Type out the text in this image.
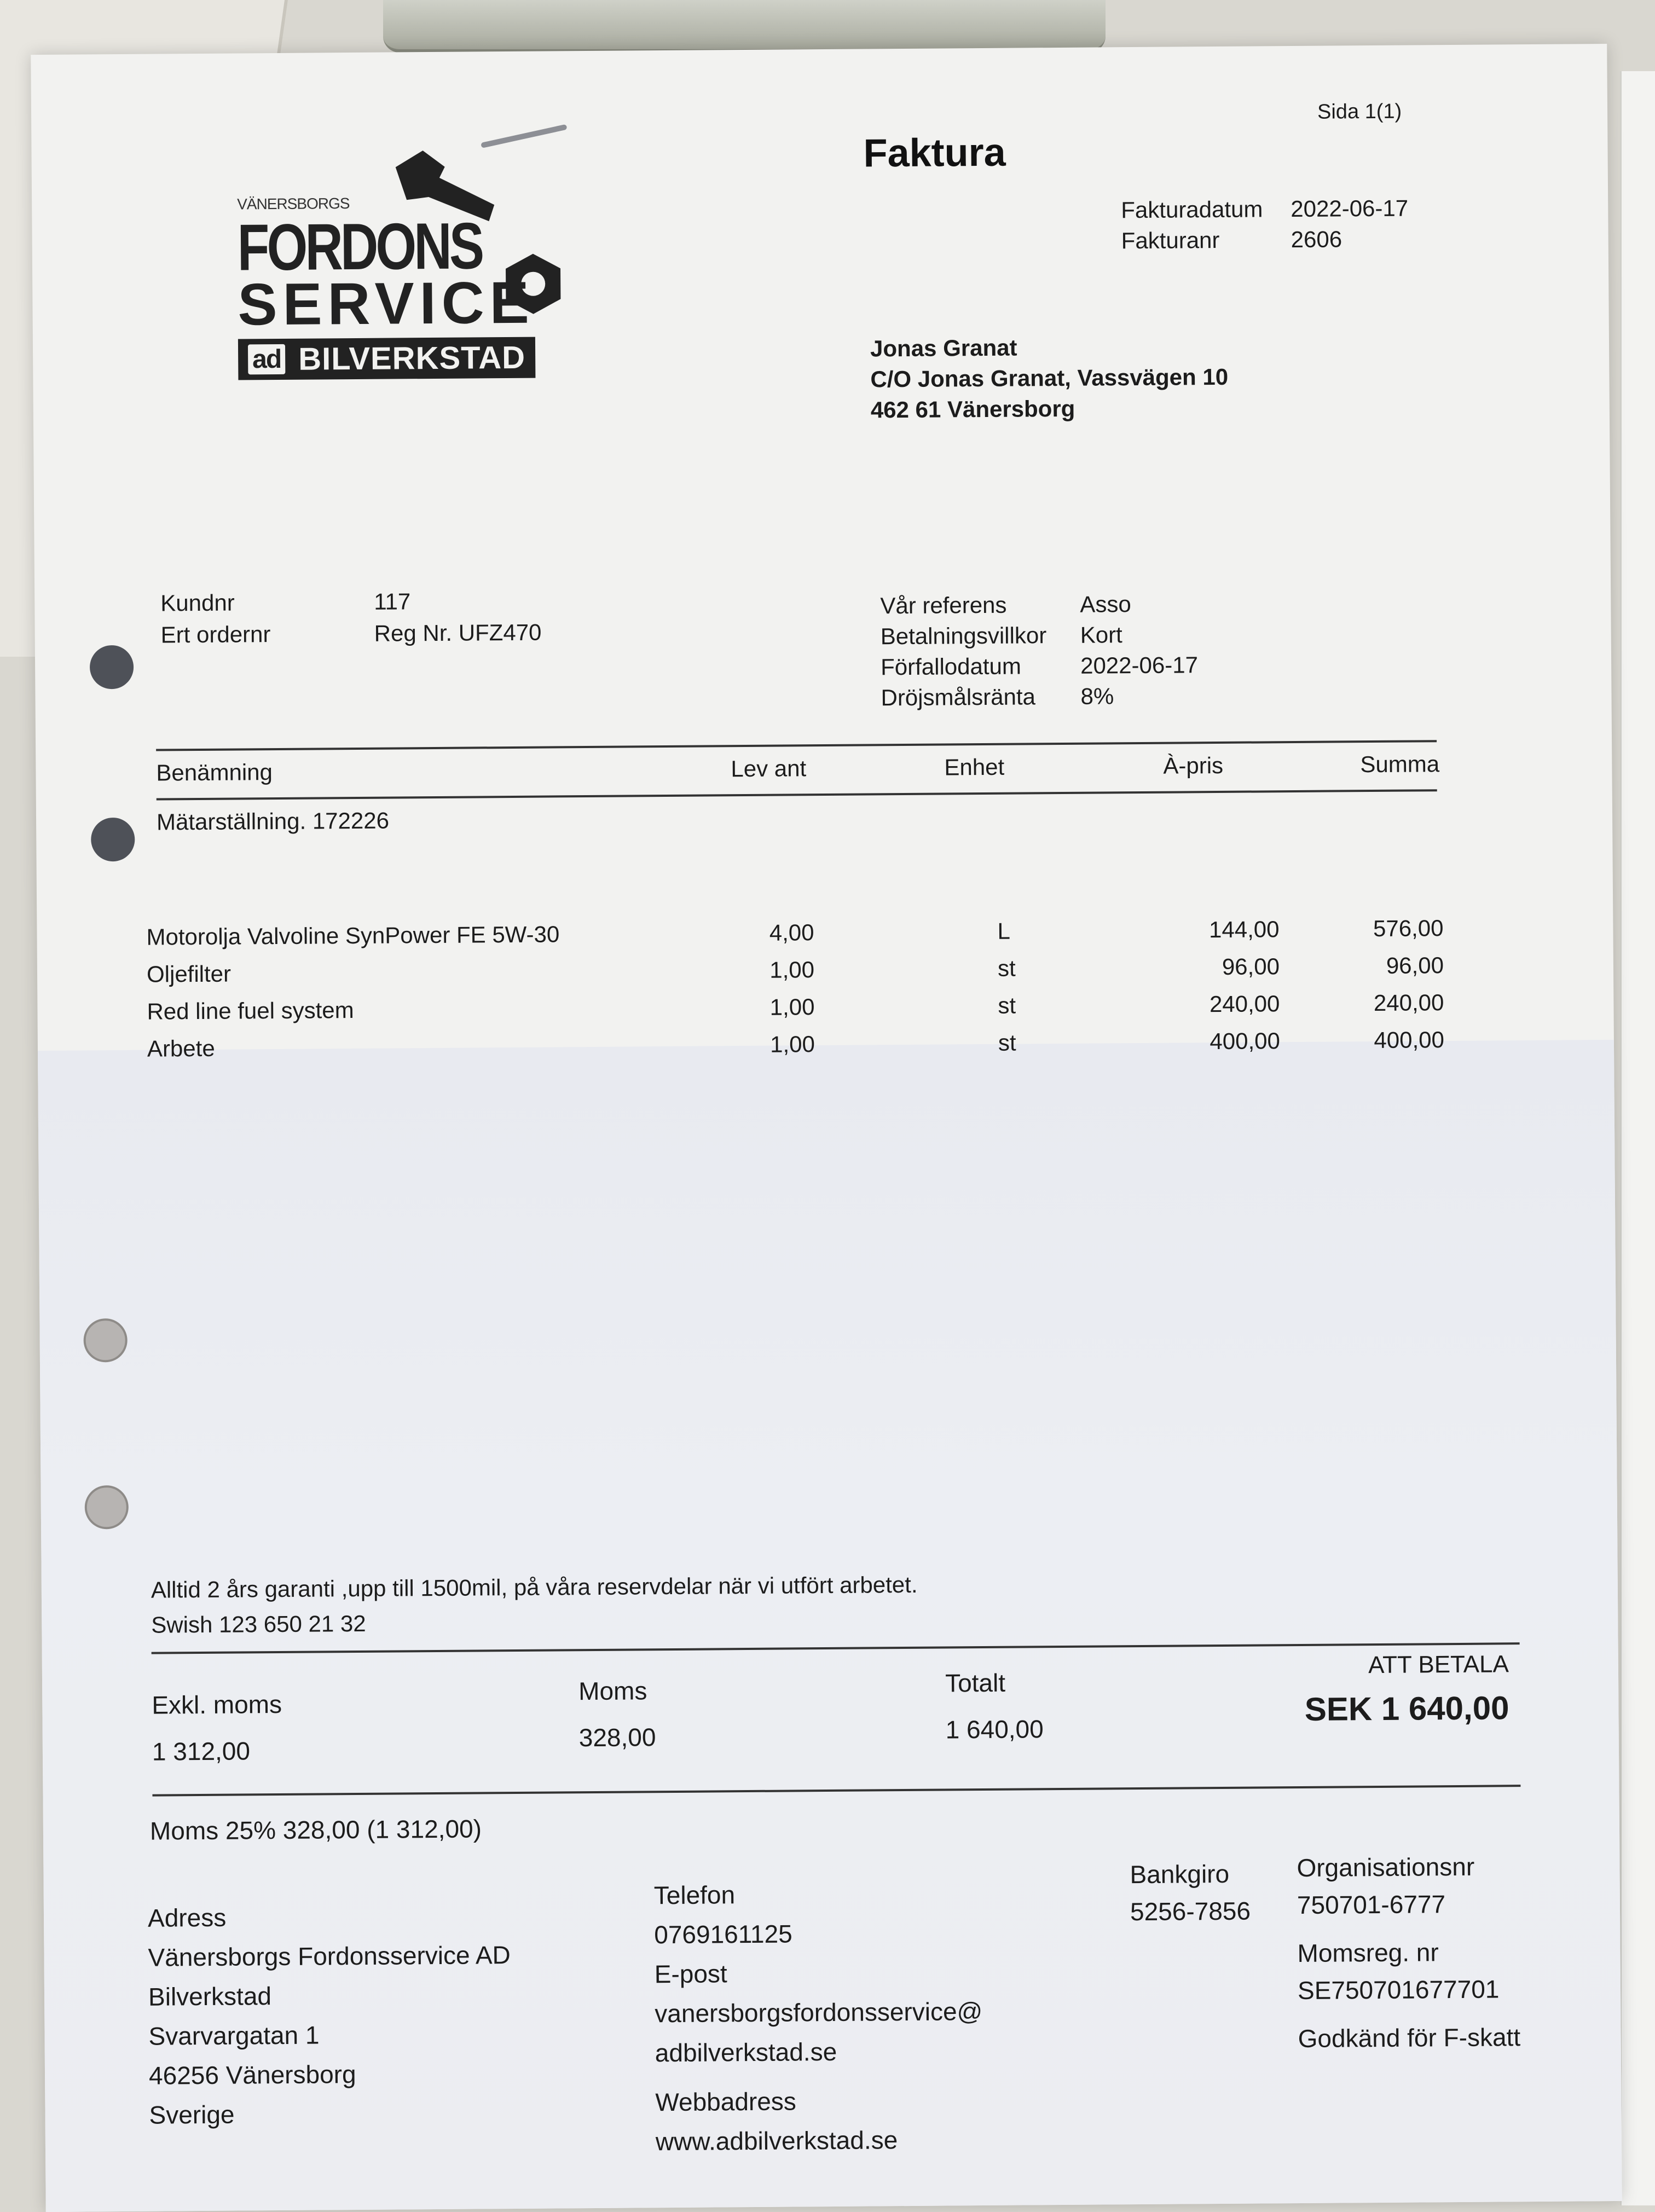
Sida 1(1)
VÄNERSBORGS
FORDONS
SERVICE
ad BILVERKSTAD
Faktura
Fakturadatum	2022-06-17
Fakturanr	2606
Jonas Granat
C/O Jonas Granat, Vassvägen 10
462 61 Vänersborg
Kundnr	117
Ert ordernr	Reg Nr. UFZ470
Vår referens	Asso
Betalningsvillkor	Kort
Förfallodatum	2022-06-17
Dröjsmålsränta	8%
Benämning	Lev ant	Enhet	À-pris	Summa
Mätarställning. 172226
Motorolja Valvoline SynPower FE 5W-30	4,00	L	144,00	576,00
Oljefilter	1,00	st	96,00	96,00
Red line fuel system	1,00	st	240,00	240,00
Arbete	1,00	st	400,00	400,00
Alltid 2 års garanti ,upp till 1500mil, på våra reservdelar när vi utfört arbetet.
Swish 123 650 21 32
Exkl. moms
1 312,00
Moms
328,00
Totalt
1 640,00
ATT BETALA
SEK 1 640,00
Moms 25% 328,00 (1 312,00)
Adress
Vänersborgs Fordonsservice AD
Bilverkstad
Svarvargatan 1
46256 Vänersborg
Sverige
Telefon
0769161125
E-post
vanersborgsfordonsservice@
adbilverkstad.se
Webbadress
www.adbilverkstad.se
Bankgiro
5256-7856
Organisationsnr
750701-6777
Momsreg. nr
SE750701677701
Godkänd för F-skatt
